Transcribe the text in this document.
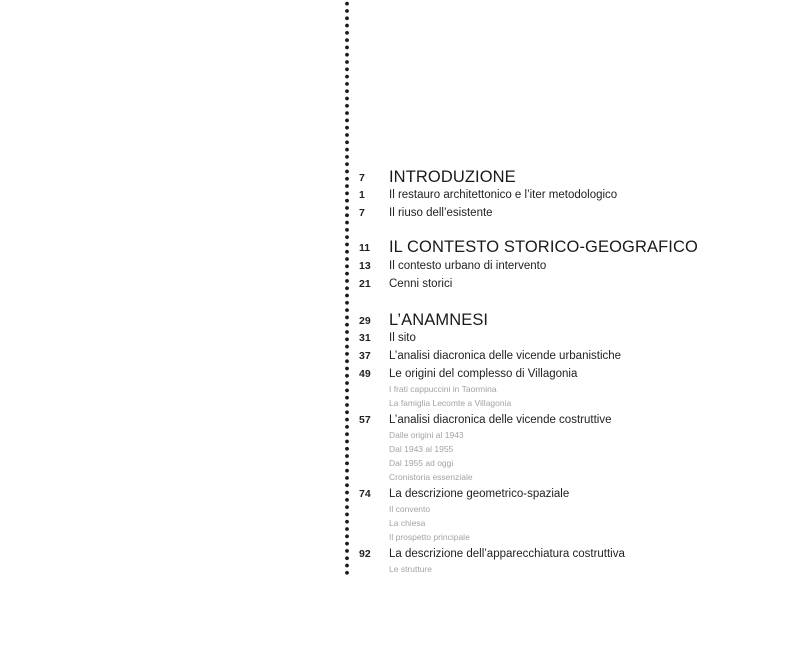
7	INTRODUZIONE
1	Il restauro architettonico e l’iter metodologico
7	Il riuso dell’esistente
11	IL CONTESTO STORICO-GEOGRAFICO
13	Il contesto urbano di intervento
21	Cenni storici
29	L’ANAMNESI
31	Il sito
37	L’analisi diacronica delle vicende urbanistiche
49	Le origini del complesso di Villagonia
I frati cappuccini in Taormina
La famiglia Lecomte a Villagonia
57	L’analisi diacronica delle vicende costruttive
Dalle origini al 1943
Dal 1943 al 1955
Dal 1955 ad oggi
Cronistoria essenziale
74	La descrizione geometrico-spaziale
Il convento
La chiesa
Il prospetto principale
92	La descrizione dell’apparecchiatura costruttiva
Le strutture
